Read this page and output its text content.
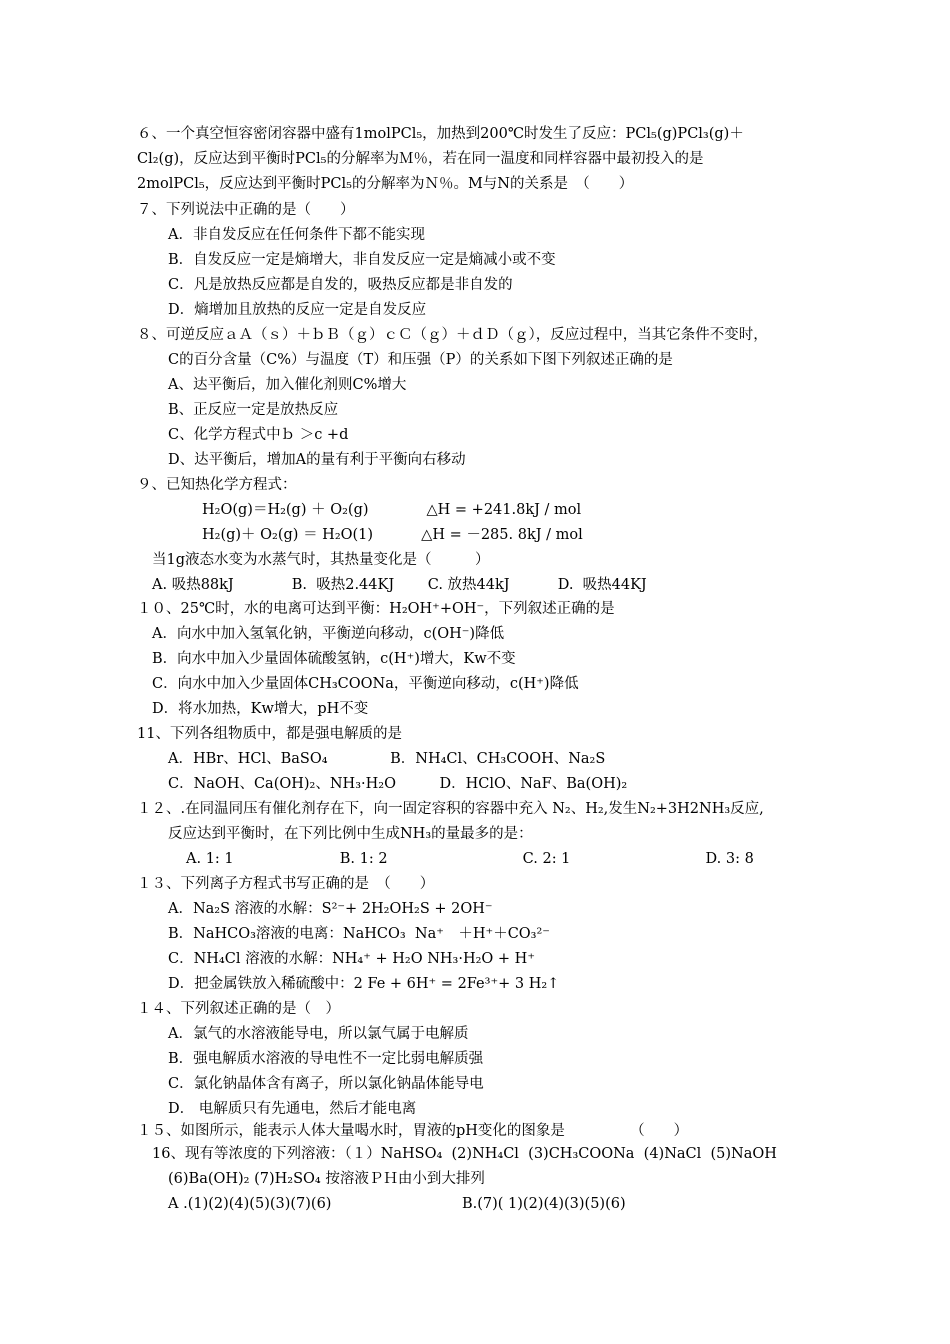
６、一个真空恒容密闭容器中盛有1molPCl₅，加热到200℃时发生了反应：PCl₅(g)PCl₃(g)＋
Cl₂(g)，反应达到平衡时PCl₅的分解率为Ｍ％，若在同一温度和同样容器中最初投入的是
2molPCl₅，反应达到平衡时PCl₅的分解率为Ｎ％。M与N的关系是　（　　）
７、下列说法中正确的是（　　）
A．非自发反应在任何条件下都不能实现
B．自发反应一定是熵增大，非自发反应一定是熵减小或不变
C．凡是放热反应都是自发的，吸热反应都是非自发的
D．熵增加且放热的反应一定是自发反应
８、可逆反应ａＡ（ｓ）＋ｂＢ（ｇ）ｃＣ（ｇ）＋ｄＤ（ｇ），反应过程中，当其它条件不变时，
C的百分含量（C%）与温度（T）和压强（P）的关系如下图下列叙述正确的是
A、达平衡后，加入催化剂则C%增大
B、正反应一定是放热反应
C、化学方程式中ｂ ＞c +d
D、达平衡后，增加A的量有利于平衡向右移动
９、已知热化学方程式：
H₂O(g)＝H₂(g) ＋ O₂(g)　　　　△H = +241.8kJ / mol
H₂(g)＋ O₂(g) ＝ H₂O(1)　　　 △H = －285. 8kJ / mol
当1g液态水变为水蒸气时，其热量变化是（　　　）
A. 吸热88kJ　　　　B.  吸热2.44KJ　　 C. 放热44kJ　　　 D.  吸热44KJ
１０、25℃时，水的电离可达到平衡：H₂OH⁺+OH⁻，下列叙述正确的是
A．向水中加入氢氧化钠，平衡逆向移动，c(OH⁻)降低
B．向水中加入少量固体硫酸氢钠，c(H⁺)增大，Kw不变
C．向水中加入少量固体CH₃COONa，平衡逆向移动，c(H⁺)降低
D．将水加热，Kw增大，pH不变
11、下列各组物质中，都是强电解质的是
A．HBr、HCl、BaSO₄　　　　 B．NH₄Cl、CH₃COOH、Na₂S
C．NaOH、Ca(OH)₂、NH₃·H₂O　　　D．HClO、NaF、Ba(OH)₂
１２、.在同温同压有催化剂存在下，向一固定容积的容器中充入 N₂、H₂,发生N₂+3H2NH₃反应,
反应达到平衡时，在下列比例中生成NH₃的量最多的是：
A. 1: 1　　　　　　　 B. 1: 2　　　　　　　　　 C. 2: 1　　　　　　　　　 D. 3: 8
１３、下列离子方程式书写正确的是　（　　）
A．Na₂S 溶液的水解：S²⁻+ 2H₂OH₂S + 2OH⁻
B．NaHCO₃溶液的电离：NaHCO₃  Na⁺　＋H⁺＋CO₃²⁻
C．NH₄Cl 溶液的水解：NH₄⁺ + H₂O NH₃·H₂O + H⁺
D．把金属铁放入稀硫酸中：2 Fe + 6H⁺ = 2Fe³⁺+ 3 H₂↑
１４、下列叙述正确的是（　）
A．氯气的水溶液能导电，所以氯气属于电解质
B．强电解质水溶液的导电性不一定比弱电解质强
C．氯化钠晶体含有离子，所以氯化钠晶体能导电
D． 电解质只有先通电，然后才能电离
１５、如图所示，能表示人体大量喝水时，胃液的pH变化的图象是　　　　　（　　）
16、现有等浓度的下列溶液：（１）NaHSO₄  (2)NH₄Cl  (3)CH₃COONa  (4)NaCl  (5)NaOH
(6)Ba(OH)₂ (7)H₂SO₄ 按溶液ＰＨ由小到大排列
A .(1)(2)(4)(5)(3)(7)(6)　　　　　　　　　B.(7)( 1)(2)(4)(3)(5)(6)
